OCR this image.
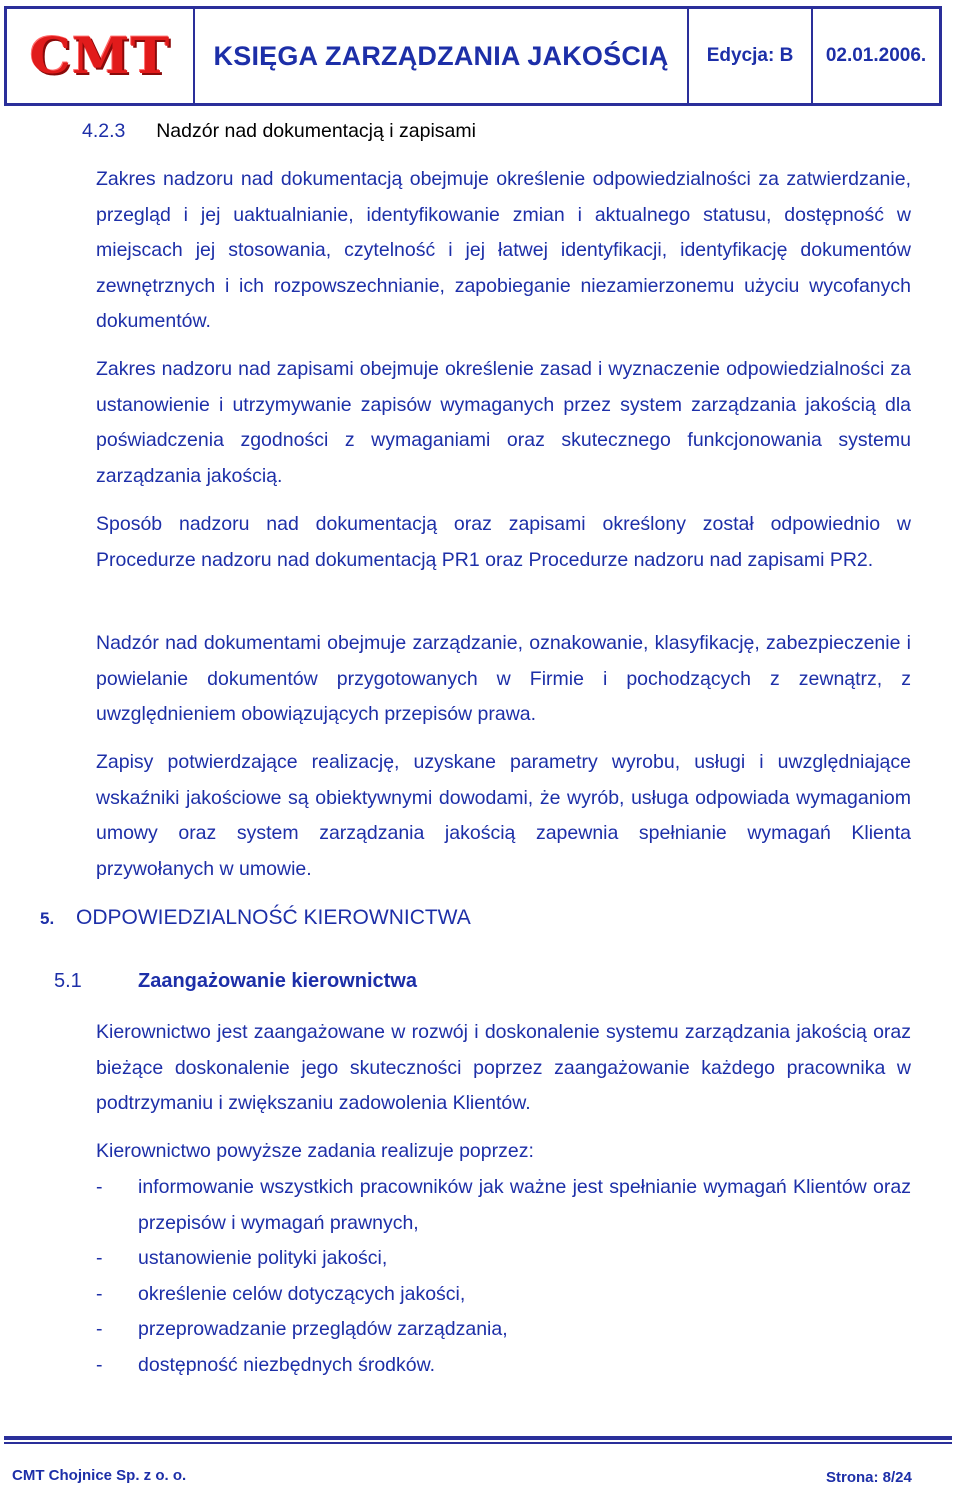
CMT	KSIĘGA ZARZĄDZANIA JAKOŚCIĄ	Edycja: B	02.01.2006.
4.2.3 Nadzór nad dokumentacją i zapisami

Zakres nadzoru nad dokumentacją obejmuje określenie odpowiedzialności za zatwierdzanie, przegląd i jej uaktualnianie, identyfikowanie zmian i aktualnego statusu, dostępność w miejscach jej stosowania, czytelność i jej łatwej identyfikacji, identyfikację dokumentów zewnętrznych i ich rozpowszechnianie, zapobieganie niezamierzonemu użyciu wycofanych dokumentów.

Zakres nadzoru nad zapisami obejmuje określenie zasad i wyznaczenie odpowiedzialności za ustanowienie i utrzymywanie zapisów wymaganych przez system zarządzania jakością dla poświadczenia zgodności z wymaganiami oraz skutecznego funkcjonowania systemu zarządzania jakością.

Sposób nadzoru nad dokumentacją oraz zapisami określony został odpowiednio w Procedurze nadzoru nad dokumentacją PR1 oraz Procedurze nadzoru nad zapisami PR2.

Nadzór nad dokumentami obejmuje zarządzanie, oznakowanie, klasyfikację, zabezpieczenie i powielanie dokumentów przygotowanych w Firmie i pochodzących z zewnątrz, z uwzględnieniem obowiązujących przepisów prawa.

Zapisy potwierdzające realizację, uzyskane parametry wyrobu, usługi i uwzględniające wskaźniki jakościowe są obiektywnymi dowodami, że wyrób, usługa odpowiada wymaganiom umowy oraz system zarządzania jakością zapewnia spełnianie wymagań Klienta przywołanych w umowie.

5.	ODPOWIEDZIALNOŚĆ KIEROWNICTWA
5.1	Zaangażowanie kierownictwa

Kierownictwo jest zaangażowane w rozwój i doskonalenie systemu zarządzania jakością oraz bieżące doskonalenie jego skuteczności poprzez zaangażowanie każdego pracownika w podtrzymaniu i zwiększaniu zadowolenia Klientów.

Kierownictwo powyższe zadania realizuje poprzez:

-	informowanie wszystkich pracowników jak ważne jest spełnianie wymagań Klientów oraz przepisów i wymagań prawnych,
-	ustanowienie polityki jakości,
-	określenie celów dotyczących jakości,
-	przeprowadzanie przeglądów zarządzania,
-	dostępność niezbędnych środków.
CMT Chojnice Sp. z o. o.	Strona: 8/24
